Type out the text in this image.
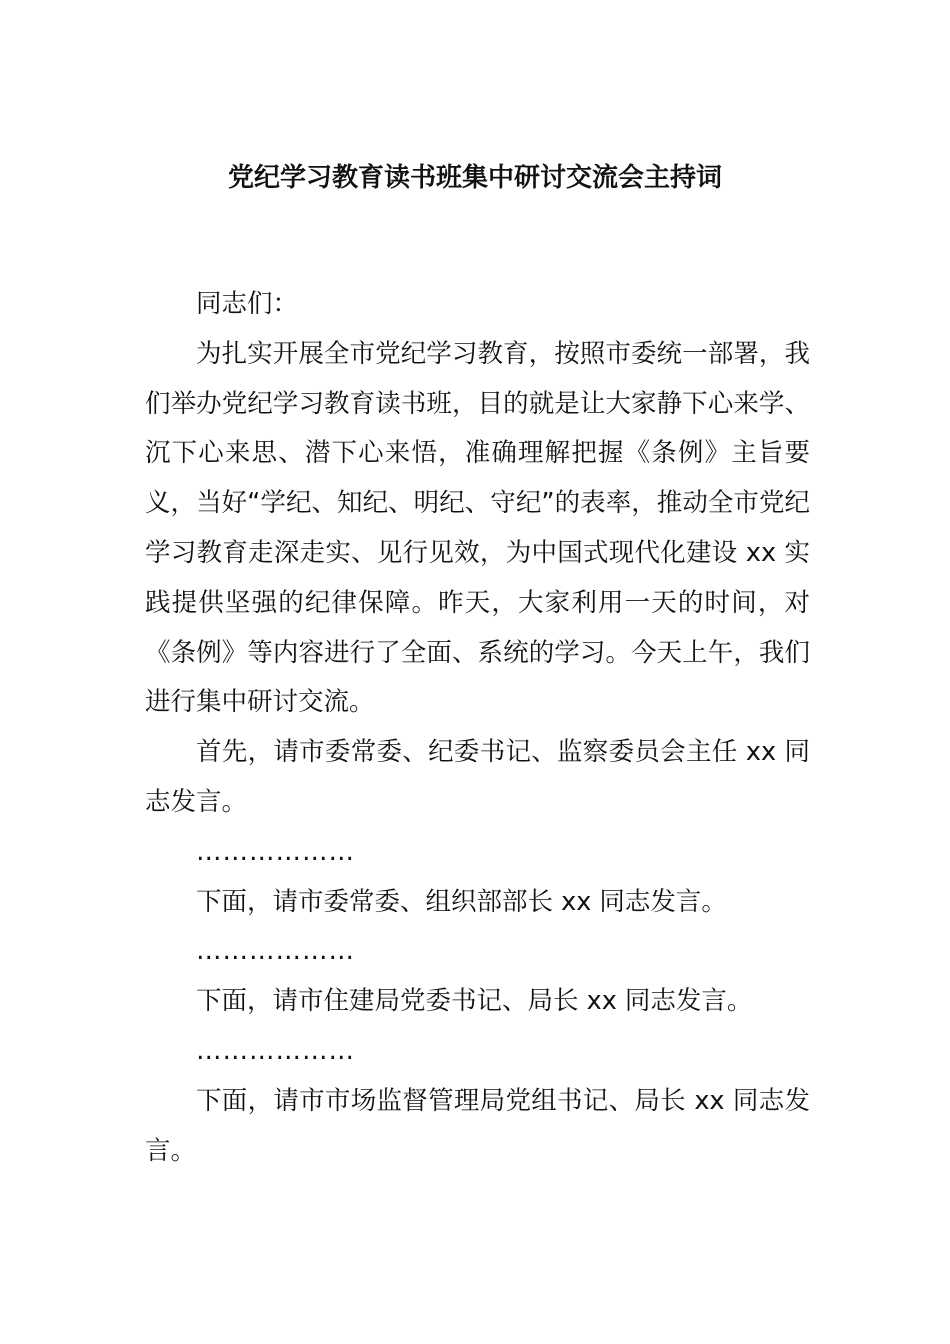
党纪学习教育读书班集中研讨交流会主持词

同志们：

为扎实开展全市党纪学习教育，按照市委统一部署，我们举办党纪学习教育读书班，目的就是让大家静下心来学、沉下心来思、潜下心来悟，准确理解把握《条例》主旨要义，当好“学纪、知纪、明纪、守纪”的表率，推动全市党纪学习教育走深走实、见行见效，为中国式现代化建设 xx 实践提供坚强的纪律保障。昨天，大家利用一天的时间，对《条例》等内容进行了全面、系统的学习。今天上午，我们进行集中研讨交流。

首先，请市委常委、纪委书记、监察委员会主任 xx 同志发言。

………………

下面，请市委常委、组织部部长 xx 同志发言。

………………

下面，请市住建局党委书记、局长 xx 同志发言。

………………

下面，请市市场监督管理局党组书记、局长 xx 同志发言。
